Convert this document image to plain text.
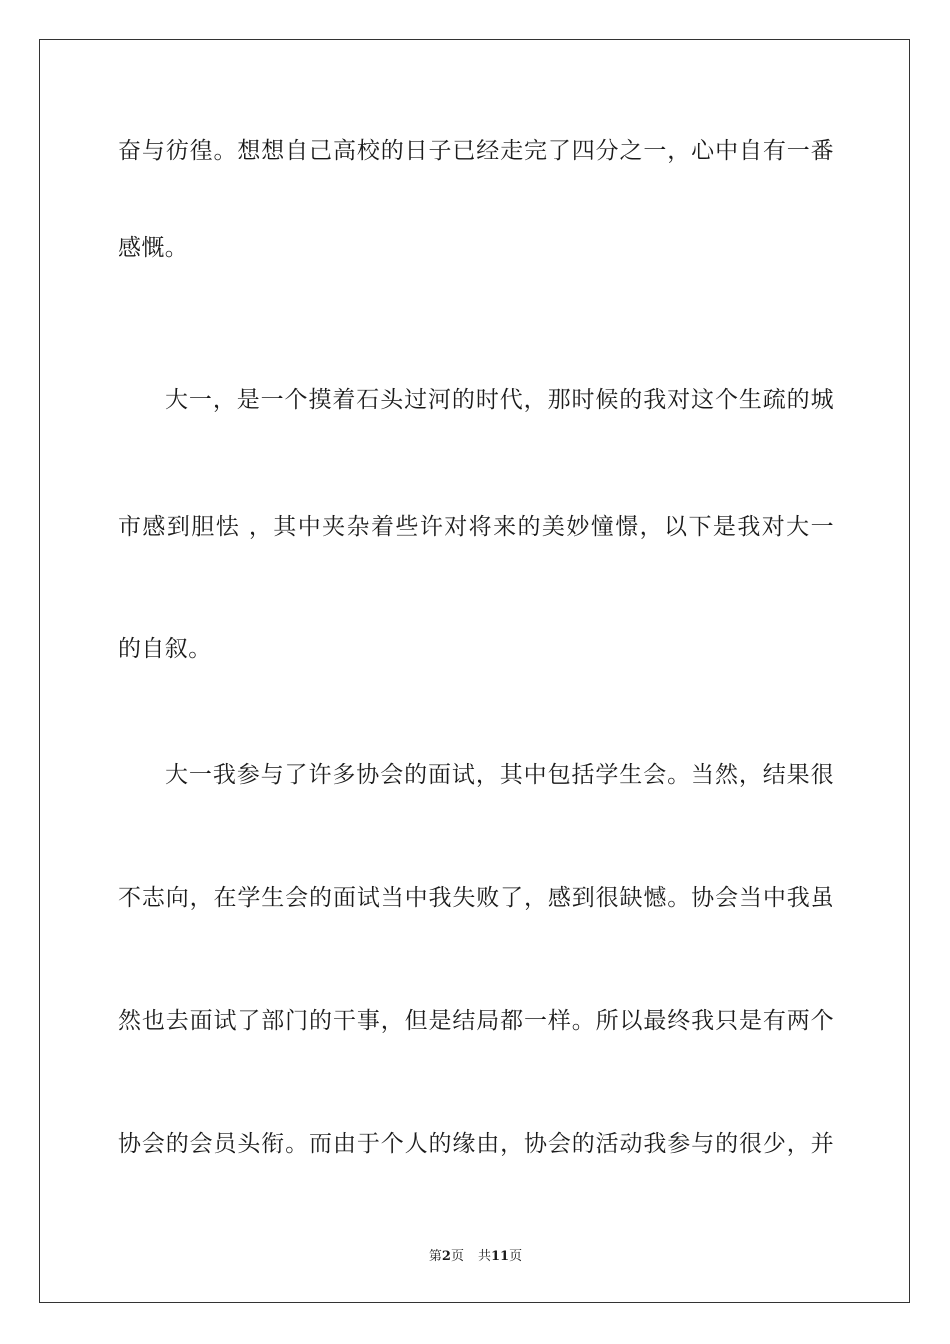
奋与彷徨。想想自己高校的日子已经走完了四分之一，心中自有一番
感慨。
大一，是一个摸着石头过河的时代，那时候的我对这个生疏的城
市感到胆怯 ，其中夹杂着些许对将来的美妙憧憬，以下是我对大一
的自叙。
大一我参与了许多协会的面试，其中包括学生会。当然，结果很
不志向，在学生会的面试当中我失败了，感到很缺憾。协会当中我虽
然也去面试了部门的干事，但是结局都一样。所以最终我只是有两个
协会的会员头衔。而由于个人的缘由，协会的活动我参与的很少，并
第2页 共11页
